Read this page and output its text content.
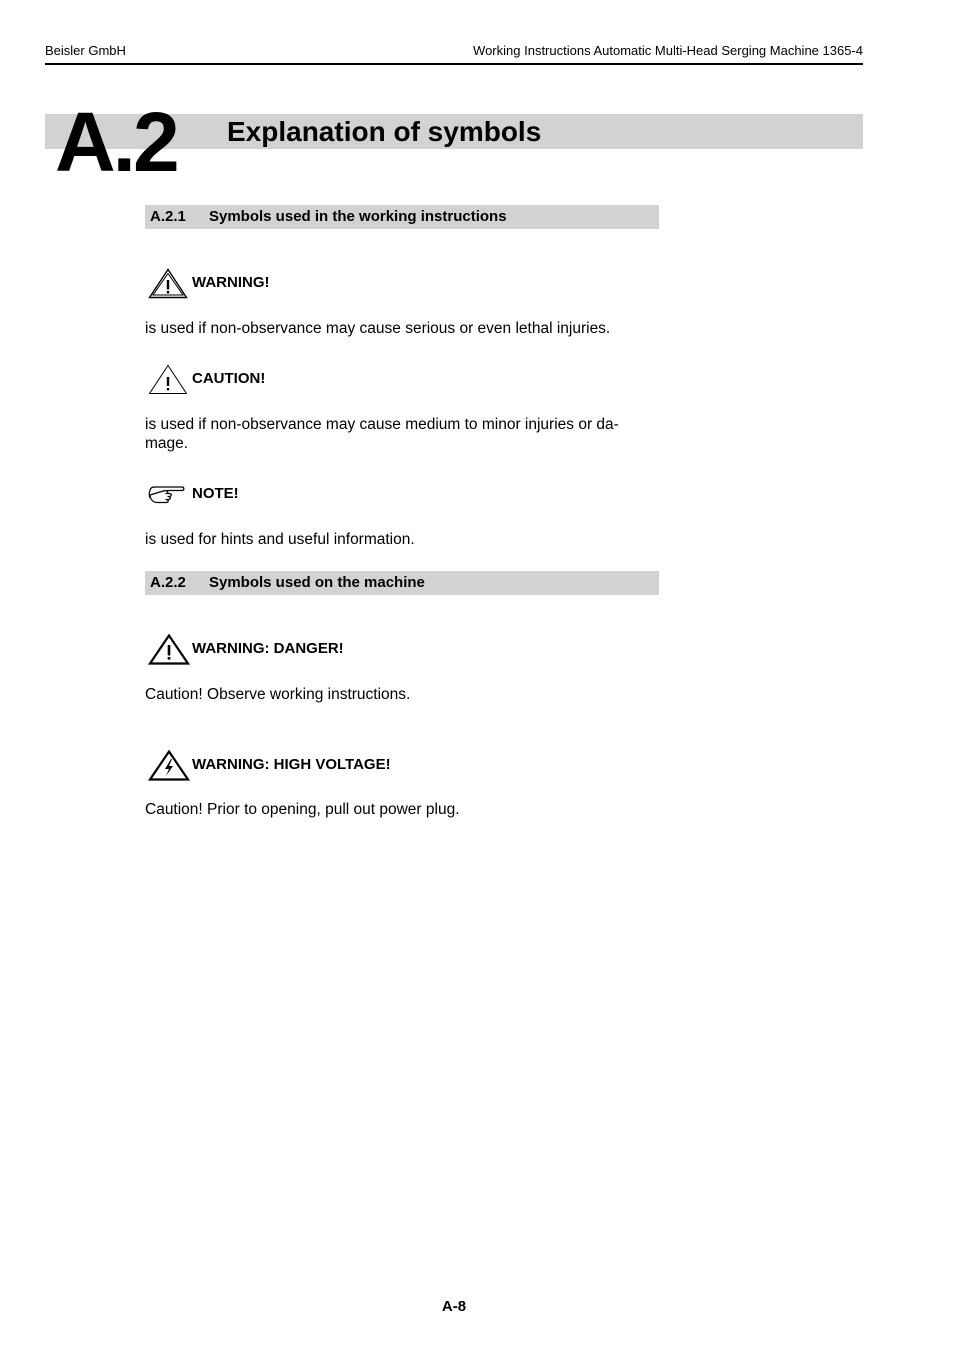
Beisler GmbH	Working Instructions Automatic Multi-Head Serging Machine 1365-4
A.2 Explanation of symbols
A.2.1 Symbols used in the working instructions
WARNING!
is used if non-observance may cause serious or even lethal injuries.
CAUTION!
is used if non-observance may cause medium to minor injuries or da-
mage.
NOTE!
is used for hints and useful information.
A.2.2 Symbols used on the machine
WARNING: DANGER!
Caution! Observe working instructions.
WARNING: HIGH VOLTAGE!
Caution! Prior to opening, pull out power plug.
A-8
